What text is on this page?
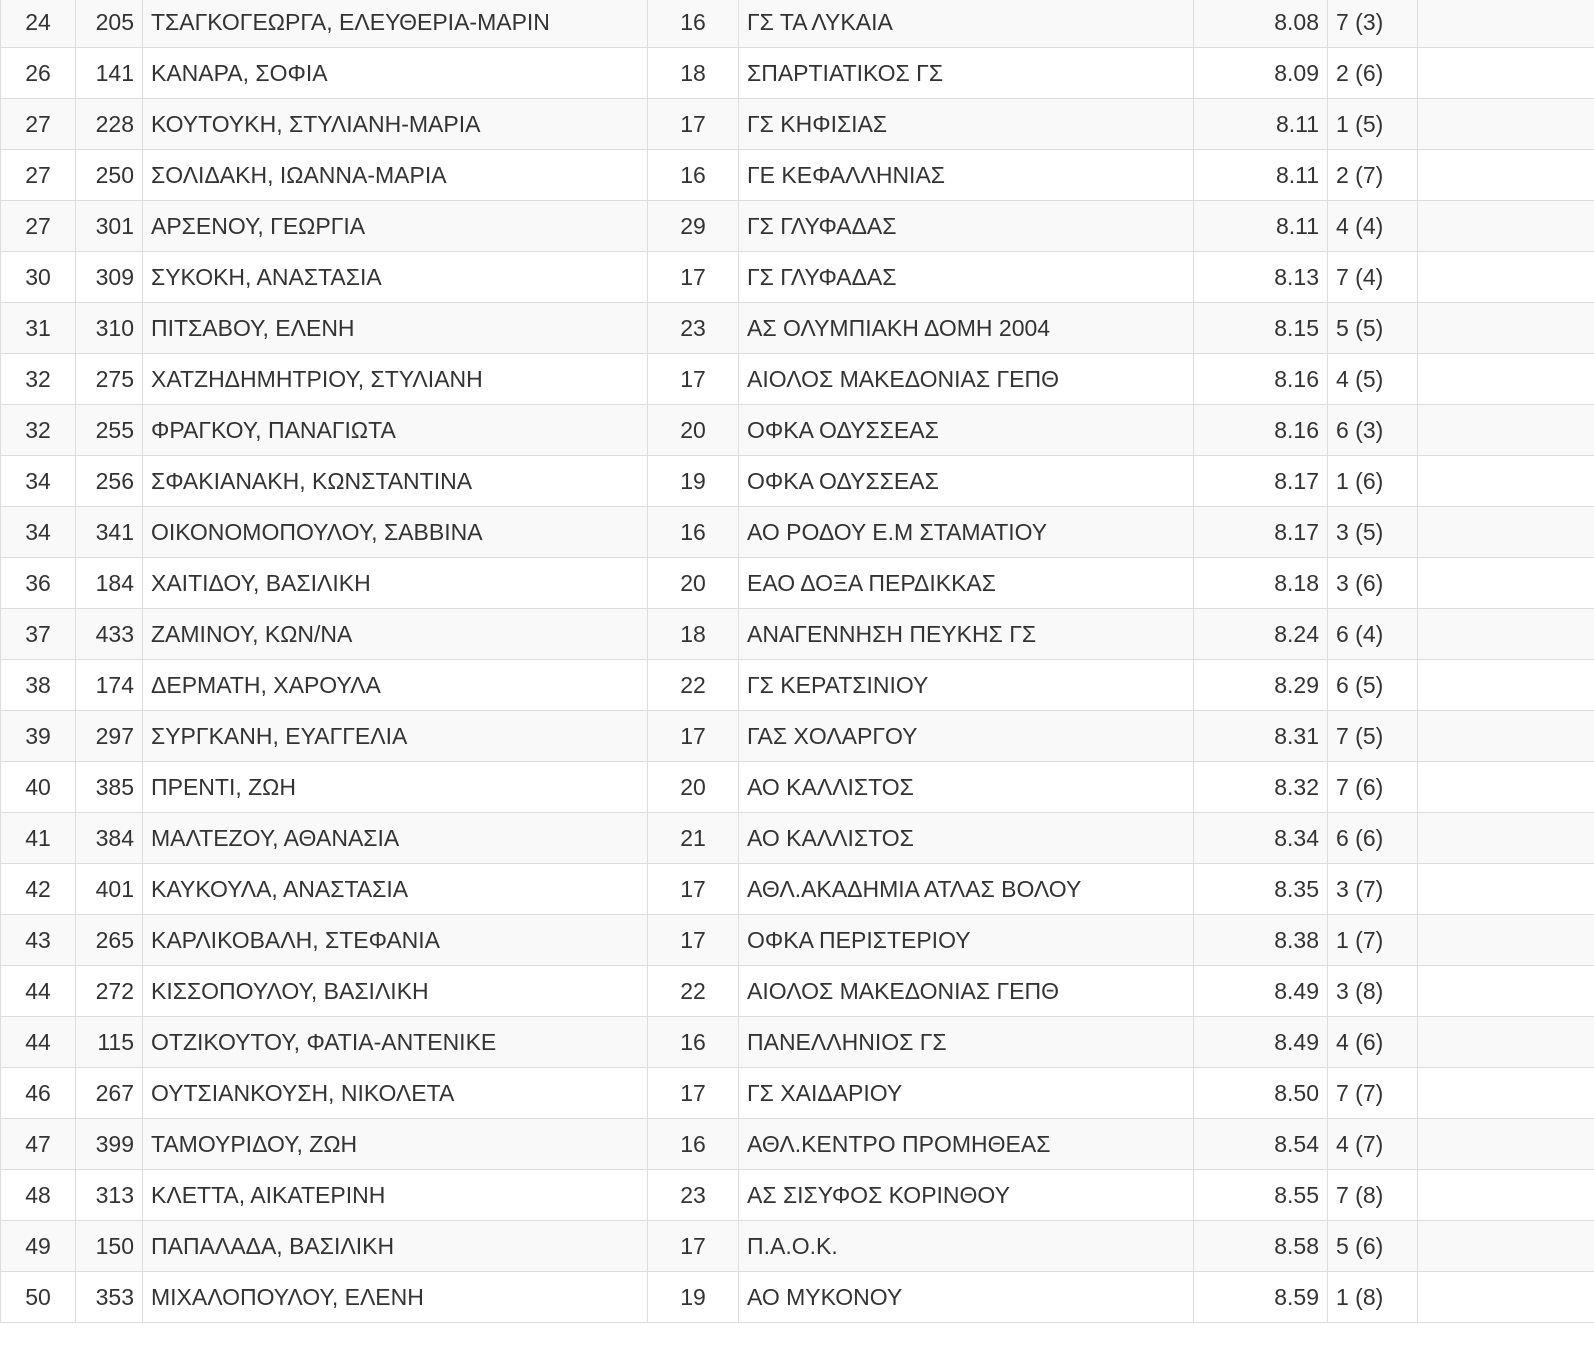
24	205	ΤΣΑΓΚΟΓΕΩΡΓΑ, ΕΛΕΥΘΕΡΙΑ-ΜΑΡΙΝ	16	ΓΣ ΤΑ ΛΥΚΑΙΑ	8.08	7 (3)	
26	141	ΚΑΝΑΡΑ, ΣΟΦΙΑ	18	ΣΠΑΡΤΙΑΤΙΚΟΣ ΓΣ	8.09	2 (6)	
27	228	ΚΟΥΤΟΥΚΗ, ΣΤΥΛΙΑΝΗ-ΜΑΡΙΑ	17	ΓΣ ΚΗΦΙΣΙΑΣ	8.11	1 (5)	
27	250	ΣΟΛΙΔΑΚΗ, ΙΩΑΝΝΑ-ΜΑΡΙΑ	16	ΓΕ ΚΕΦΑΛΛΗΝΙΑΣ	8.11	2 (7)	
27	301	ΑΡΣΕΝΟΥ, ΓΕΩΡΓΙΑ	29	ΓΣ ΓΛΥΦΑΔΑΣ	8.11	4 (4)	
30	309	ΣΥΚΟΚΗ, ΑΝΑΣΤΑΣΙΑ	17	ΓΣ ΓΛΥΦΑΔΑΣ	8.13	7 (4)	
31	310	ΠΙΤΣΑΒΟΥ, ΕΛΕΝΗ	23	ΑΣ ΟΛΥΜΠΙΑΚΗ ΔΟΜΗ 2004	8.15	5 (5)	
32	275	ΧΑΤΖΗΔΗΜΗΤΡΙΟΥ, ΣΤΥΛΙΑΝΗ	17	ΑΙΟΛΟΣ ΜΑΚΕΔΟΝΙΑΣ ΓΕΠΘ	8.16	4 (5)	
32	255	ΦΡΑΓΚΟΥ, ΠΑΝΑΓΙΩΤΑ	20	ΟΦΚΑ ΟΔΥΣΣΕΑΣ	8.16	6 (3)	
34	256	ΣΦΑΚΙΑΝΑΚΗ, ΚΩΝΣΤΑΝΤΙΝΑ	19	ΟΦΚΑ ΟΔΥΣΣΕΑΣ	8.17	1 (6)	
34	341	ΟΙΚΟΝΟΜΟΠΟΥΛΟΥ, ΣΑΒΒΙΝΑ	16	ΑΟ ΡΟΔΟΥ Ε.Μ ΣΤΑΜΑΤΙΟΥ	8.17	3 (5)	
36	184	ΧΑΙΤΙΔΟΥ, ΒΑΣΙΛΙΚΗ	20	ΕΑΟ ΔΟΞΑ ΠΕΡΔΙΚΚΑΣ	8.18	3 (6)	
37	433	ΖΑΜΙΝΟΥ, ΚΩΝ/ΝΑ	18	ΑΝΑΓΕΝΝΗΣΗ ΠΕΥΚΗΣ ΓΣ	8.24	6 (4)	
38	174	ΔΕΡΜΑΤΗ, ΧΑΡΟΥΛΑ	22	ΓΣ ΚΕΡΑΤΣΙΝΙΟΥ	8.29	6 (5)	
39	297	ΣΥΡΓΚΑΝΗ, ΕΥΑΓΓΕΛΙΑ	17	ΓΑΣ ΧΟΛΑΡΓΟΥ	8.31	7 (5)	
40	385	ΠΡΕΝΤΙ, ΖΩΗ	20	ΑΟ ΚΑΛΛΙΣΤΟΣ	8.32	7 (6)	
41	384	ΜΑΛΤΕΖΟΥ, ΑΘΑΝΑΣΙΑ	21	ΑΟ ΚΑΛΛΙΣΤΟΣ	8.34	6 (6)	
42	401	ΚΑΥΚΟΥΛΑ, ΑΝΑΣΤΑΣΙΑ	17	ΑΘΛ.ΑΚΑΔΗΜΙΑ ΑΤΛΑΣ ΒΟΛΟΥ	8.35	3 (7)	
43	265	ΚΑΡΛΙΚΟΒΑΛΗ, ΣΤΕΦΑΝΙΑ	17	ΟΦΚΑ ΠΕΡΙΣΤΕΡΙΟΥ	8.38	1 (7)	
44	272	ΚΙΣΣΟΠΟΥΛΟΥ, ΒΑΣΙΛΙΚΗ	22	ΑΙΟΛΟΣ ΜΑΚΕΔΟΝΙΑΣ ΓΕΠΘ	8.49	3 (8)	
44	115	ΟΤΖΙΚΟΥΤΟΥ, ΦΑΤΙΑ-ΑΝΤΕΝΙΚΕ	16	ΠΑΝΕΛΛΗΝΙΟΣ ΓΣ	8.49	4 (6)	
46	267	ΟΥΤΣΙΑΝΚΟΥΣΗ, ΝΙΚΟΛΕΤΑ	17	ΓΣ ΧΑΙΔΑΡΙΟΥ	8.50	7 (7)	
47	399	ΤΑΜΟΥΡΙΔΟΥ, ΖΩΗ	16	ΑΘΛ.ΚΕΝΤΡΟ ΠΡΟΜΗΘΕΑΣ	8.54	4 (7)	
48	313	ΚΛΕΤΤΑ, ΑΙΚΑΤΕΡΙΝΗ	23	ΑΣ ΣΙΣΥΦΟΣ ΚΟΡΙΝΘΟΥ	8.55	7 (8)	
49	150	ΠΑΠΑΛΑΔΑ, ΒΑΣΙΛΙΚΗ	17	Π.Α.Ο.Κ.	8.58	5 (6)	
50	353	ΜΙΧΑΛΟΠΟΥΛΟΥ, ΕΛΕΝΗ	19	ΑΟ ΜΥΚΟΝΟΥ	8.59	1 (8)	
